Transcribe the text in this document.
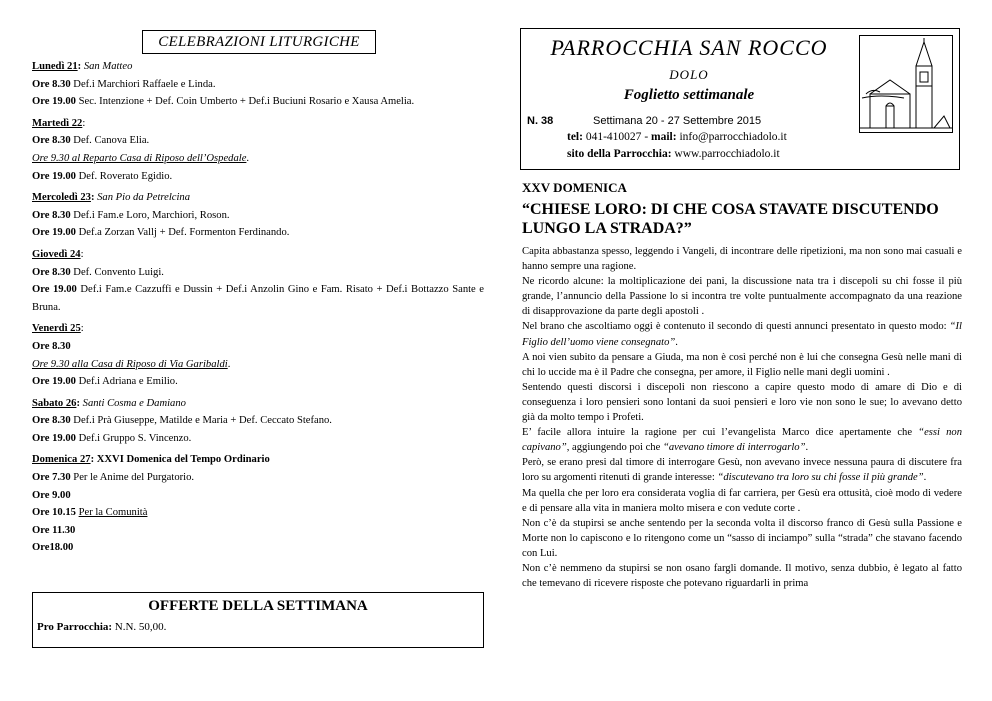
CELEBRAZIONI LITURGICHE
Lunedì 21: San Matteo
Ore 8.30 Def.i Marchiori Raffaele e Linda.
Ore 19.00 Sec. Intenzione + Def. Coin Umberto + Def.i Buciuni Rosario e Xausa Amelia.
Martedì 22:
Ore 8.30 Def. Canova Elia.
Ore 9.30 al Reparto Casa di Riposo dell’Ospedale.
Ore 19.00 Def. Roverato Egidio.
Mercoledì 23: San Pio da Petrelcina
Ore 8.30 Def.i Fam.e Loro, Marchiori, Roson.
Ore 19.00 Def.a Zorzan Vallj + Def. Formenton Ferdinando.
Giovedì 24:
Ore 8.30 Def. Convento Luigi.
Ore 19.00 Def.i Fam.e Cazzuffi e Dussin + Def.i Anzolin Gino e Fam. Risato + Def.i Bottazzo Sante e Bruna.
Venerdì 25:
Ore 8.30
Ore 9.30 alla Casa di Riposo di Via Garibaldi.
Ore 19.00 Def.i Adriana e Emilio.
Sabato 26: Santi Cosma e Damiano
Ore 8.30 Def.i Prà Giuseppe, Matilde e Maria + Def. Ceccato Stefano.
Ore 19.00 Def.i Gruppo S. Vincenzo.
Domenica 27: XXVI Domenica del Tempo Ordinario
Ore 7.30 Per le Anime del Purgatorio.
Ore 9.00
Ore 10.15 Per la Comunità
Ore 11.30
Ore18.00
OFFERTE DELLA SETTIMANA
Pro Parrocchia: N.N. 50,00.
PARROCCHIA SAN ROCCO
DOLO
Foglietto settimanale
N. 38	Settimana 20 - 27 Settembre 2015
tel: 041-410027 - mail: info@parrocchiadolo.it
sito della Parrocchia: www.parrocchiadolo.it
XXV DOMENICA
“CHIESE LORO: DI CHE COSA STAVATE DISCUTENDO LUNGO LA STRADA?”

Capita abbastanza spesso, leggendo i Vangeli, di incontrare delle ripetizioni, ma non sono mai casuali e hanno sempre una ragione.

Ne ricordo alcune: la moltiplicazione dei pani, la discussione nata tra i discepoli su chi fosse il più grande, l’annuncio della Passione lo si incontra tre volte puntualmente accompagnato da una reazione di disapprovazione da parte degli apostoli .

Nel brano che ascoltiamo oggi è contenuto il secondo di questi annunci presentato in questo modo: “Il Figlio dell’uomo viene consegnato”.

A noi vien subito da pensare a Giuda, ma non è così perché non è lui che consegna Gesù nelle mani di chi lo uccide ma è il Padre che consegna, per amore, il Figlio nelle mani degli uomini .

Sentendo questi discorsi i discepoli non riescono a capire questo modo di amare di Dio e di conseguenza i loro pensieri sono lontani da suoi pensieri e loro vie non sono le sue; lo avevano detto già da molto tempo i Profeti.

E’ facile allora intuire la ragione per cui l’evangelista Marco dice apertamente che “essi non capivano”, aggiungendo poi che “avevano timore di interrogarlo”.

Però, se erano presi dal timore di interrogare Gesù, non avevano invece nessuna paura di discutere fra loro su argomenti ritenuti di grande interesse: “discutevano tra loro su chi fosse il più grande”.

Ma quella che per loro era considerata voglia di far carriera, per Gesù era ottusità, cioè modo di vedere e di pensare alla vita in maniera molto misera e con vedute corte .

Non c’è da stupirsi se anche sentendo per la seconda volta il discorso franco di Gesù sulla Passione e Morte non lo capiscono e lo ritengono come un “sasso di inciampo” sulla “strada” che stavano facendo con Lui.

Non c’è nemmeno da stupirsi se non osano fargli domande. Il motivo, senza dubbio, è legato al fatto che temevano di ricevere risposte che potevano riguardarli in prima
